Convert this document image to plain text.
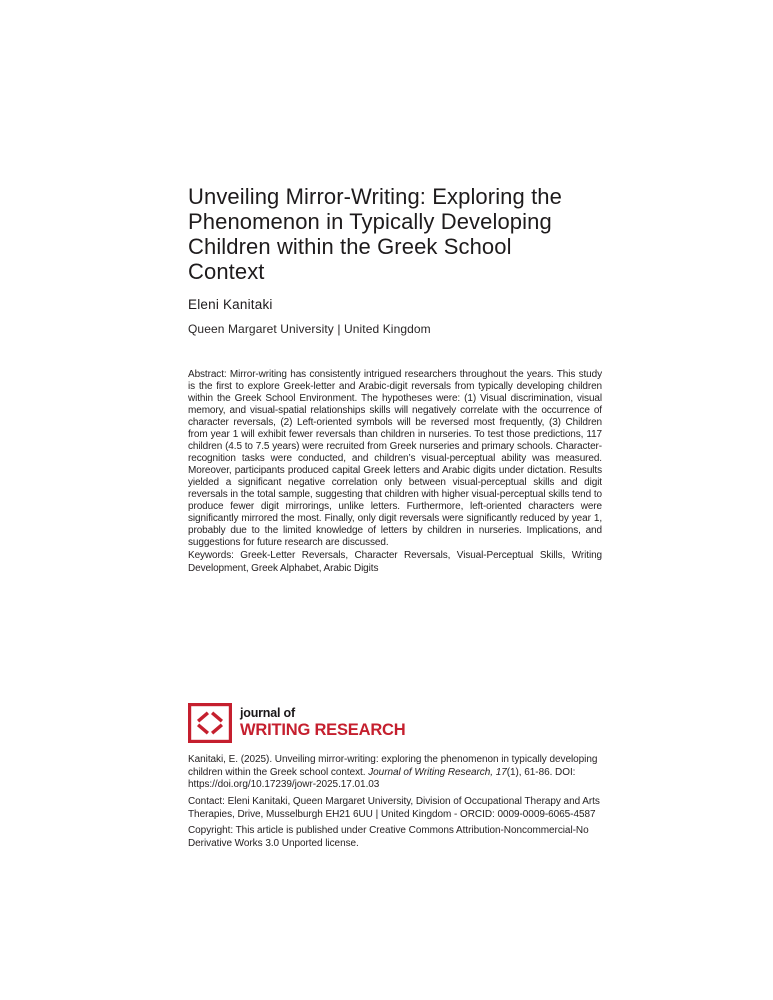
Unveiling Mirror-Writing: Exploring the
Phenomenon in Typically Developing
Children within the Greek School
Context
Eleni Kanitaki
Queen Margaret University | United Kingdom
Abstract: Mirror-writing has consistently intrigued researchers throughout the years. This study is the first to explore Greek-letter and Arabic-digit reversals from typically developing children within the Greek School Environment. The hypotheses were: (1) Visual discrimination, visual memory, and visual-spatial relationships skills will negatively correlate with the occurrence of character reversals, (2) Left-oriented symbols will be reversed most frequently, (3) Children from year 1 will exhibit fewer reversals than children in nurseries. To test those predictions, 117 children (4.5 to 7.5 years) were recruited from Greek nurseries and primary schools. Character-recognition tasks were conducted, and children’s visual-perceptual ability was measured. Moreover, participants produced capital Greek letters and Arabic digits under dictation. Results yielded a significant negative correlation only between visual-perceptual skills and digit reversals in the total sample, suggesting that children with higher visual-perceptual skills tend to produce fewer digit mirrorings, unlike letters. Furthermore, left-oriented characters were significantly mirrored the most. Finally, only digit reversals were significantly reduced by year 1, probably due to the limited knowledge of letters by children in nurseries. Implications, and suggestions for future research are discussed.
Keywords: Greek-Letter Reversals, Character Reversals, Visual-Perceptual Skills, Writing Development, Greek Alphabet, Arabic Digits
journal of
WRITING RESEARCH
Kanitaki, E. (2025). Unveiling mirror-writing: exploring the phenomenon in typically developing children within the Greek school context. Journal of Writing Research, 17(1), 61-86. DOI: https://doi.org/10.17239/jowr-2025.17.01.03
Contact: Eleni Kanitaki, Queen Margaret University, Division of Occupational Therapy and Arts Therapies, Drive, Musselburgh EH21 6UU | United Kingdom - ORCID: 0009-0009-6065-4587
Copyright: This article is published under Creative Commons Attribution-Noncommercial-No Derivative Works 3.0 Unported license.
